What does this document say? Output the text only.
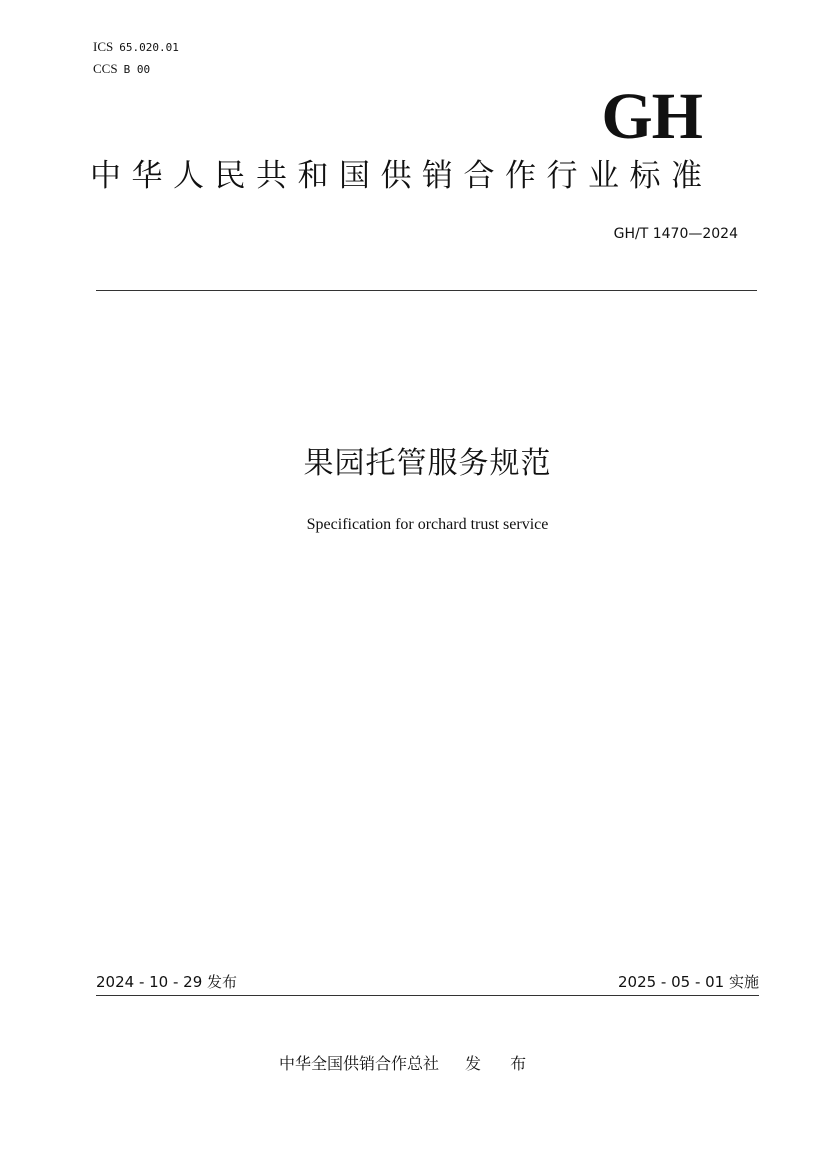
ICS 65.020.01
CCS B 00
GH
中华人民共和国供销合作行业标准
GH/T 1470—2024
果园托管服务规范
Specification for orchard trust service
2024 - 10 - 29 发布	2025 - 05 - 01 实施
中华全国供销合作总社 发 布
